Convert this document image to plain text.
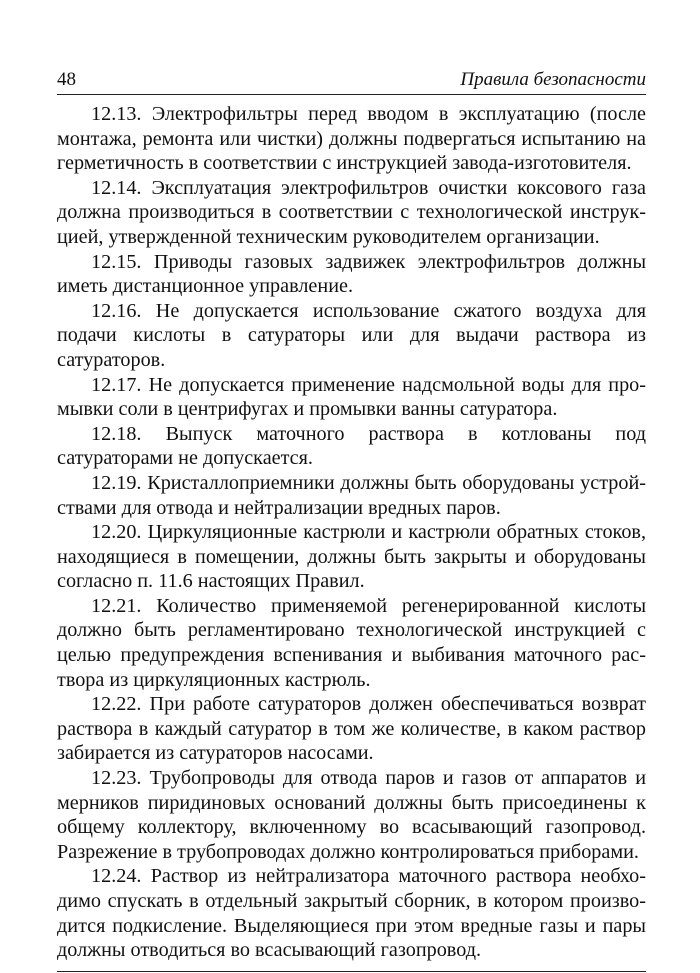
48	Правила безопасности

12.13. Электрофильтры перед вводом в эксплуатацию (после монтажа, ремонта или чистки) должны подвергаться испытанию на герметичность в соответствии с инструкцией завода-изготовителя.

12.14. Эксплуатация электрофильтров очистки коксового газа должна производиться в соответствии с технологической инструкцией, утвержденной техническим руководителем организации.

12.15. Приводы газовых задвижек электрофильтров должны иметь дистанционное управление.

12.16. Не допускается использование сжатого воздуха для подачи кислоты в сатураторы или для выдачи раствора из сатураторов.

12.17. Не допускается применение надсмольной воды для промывки соли в центрифугах и промывки ванны сатуратора.

12.18. Выпуск маточного раствора в котлованы под сатураторами не допускается.

12.19. Кристаллоприемники должны быть оборудованы устройствами для отвода и нейтрализации вредных паров.

12.20. Циркуляционные кастрюли и кастрюли обратных стоков, находящиеся в помещении, должны быть закрыты и оборудованы согласно п. 11.6 настоящих Правил.

12.21. Количество применяемой регенерированной кислоты должно быть регламентировано технологической инструкцией с целью предупреждения вспенивания и выбивания маточного раствора из циркуляционных кастрюль.

12.22. При работе сатураторов должен обеспечиваться возврат раствора в каждый сатуратор в том же количестве, в каком раствор забирается из сатураторов насосами.

12.23. Трубопроводы для отвода паров и газов от аппаратов и мерников пиридиновых оснований должны быть присоединены к общему коллектору, включенному во всасывающий газопровод. Разрежение в трубопроводах должно контролироваться приборами.

12.24. Раствор из нейтрализатора маточного раствора необходимо спускать в отдельный закрытый сборник, в котором производится подкисление. Выделяющиеся при этом вредные газы и пары должны отводиться во всасывающий газопровод.
